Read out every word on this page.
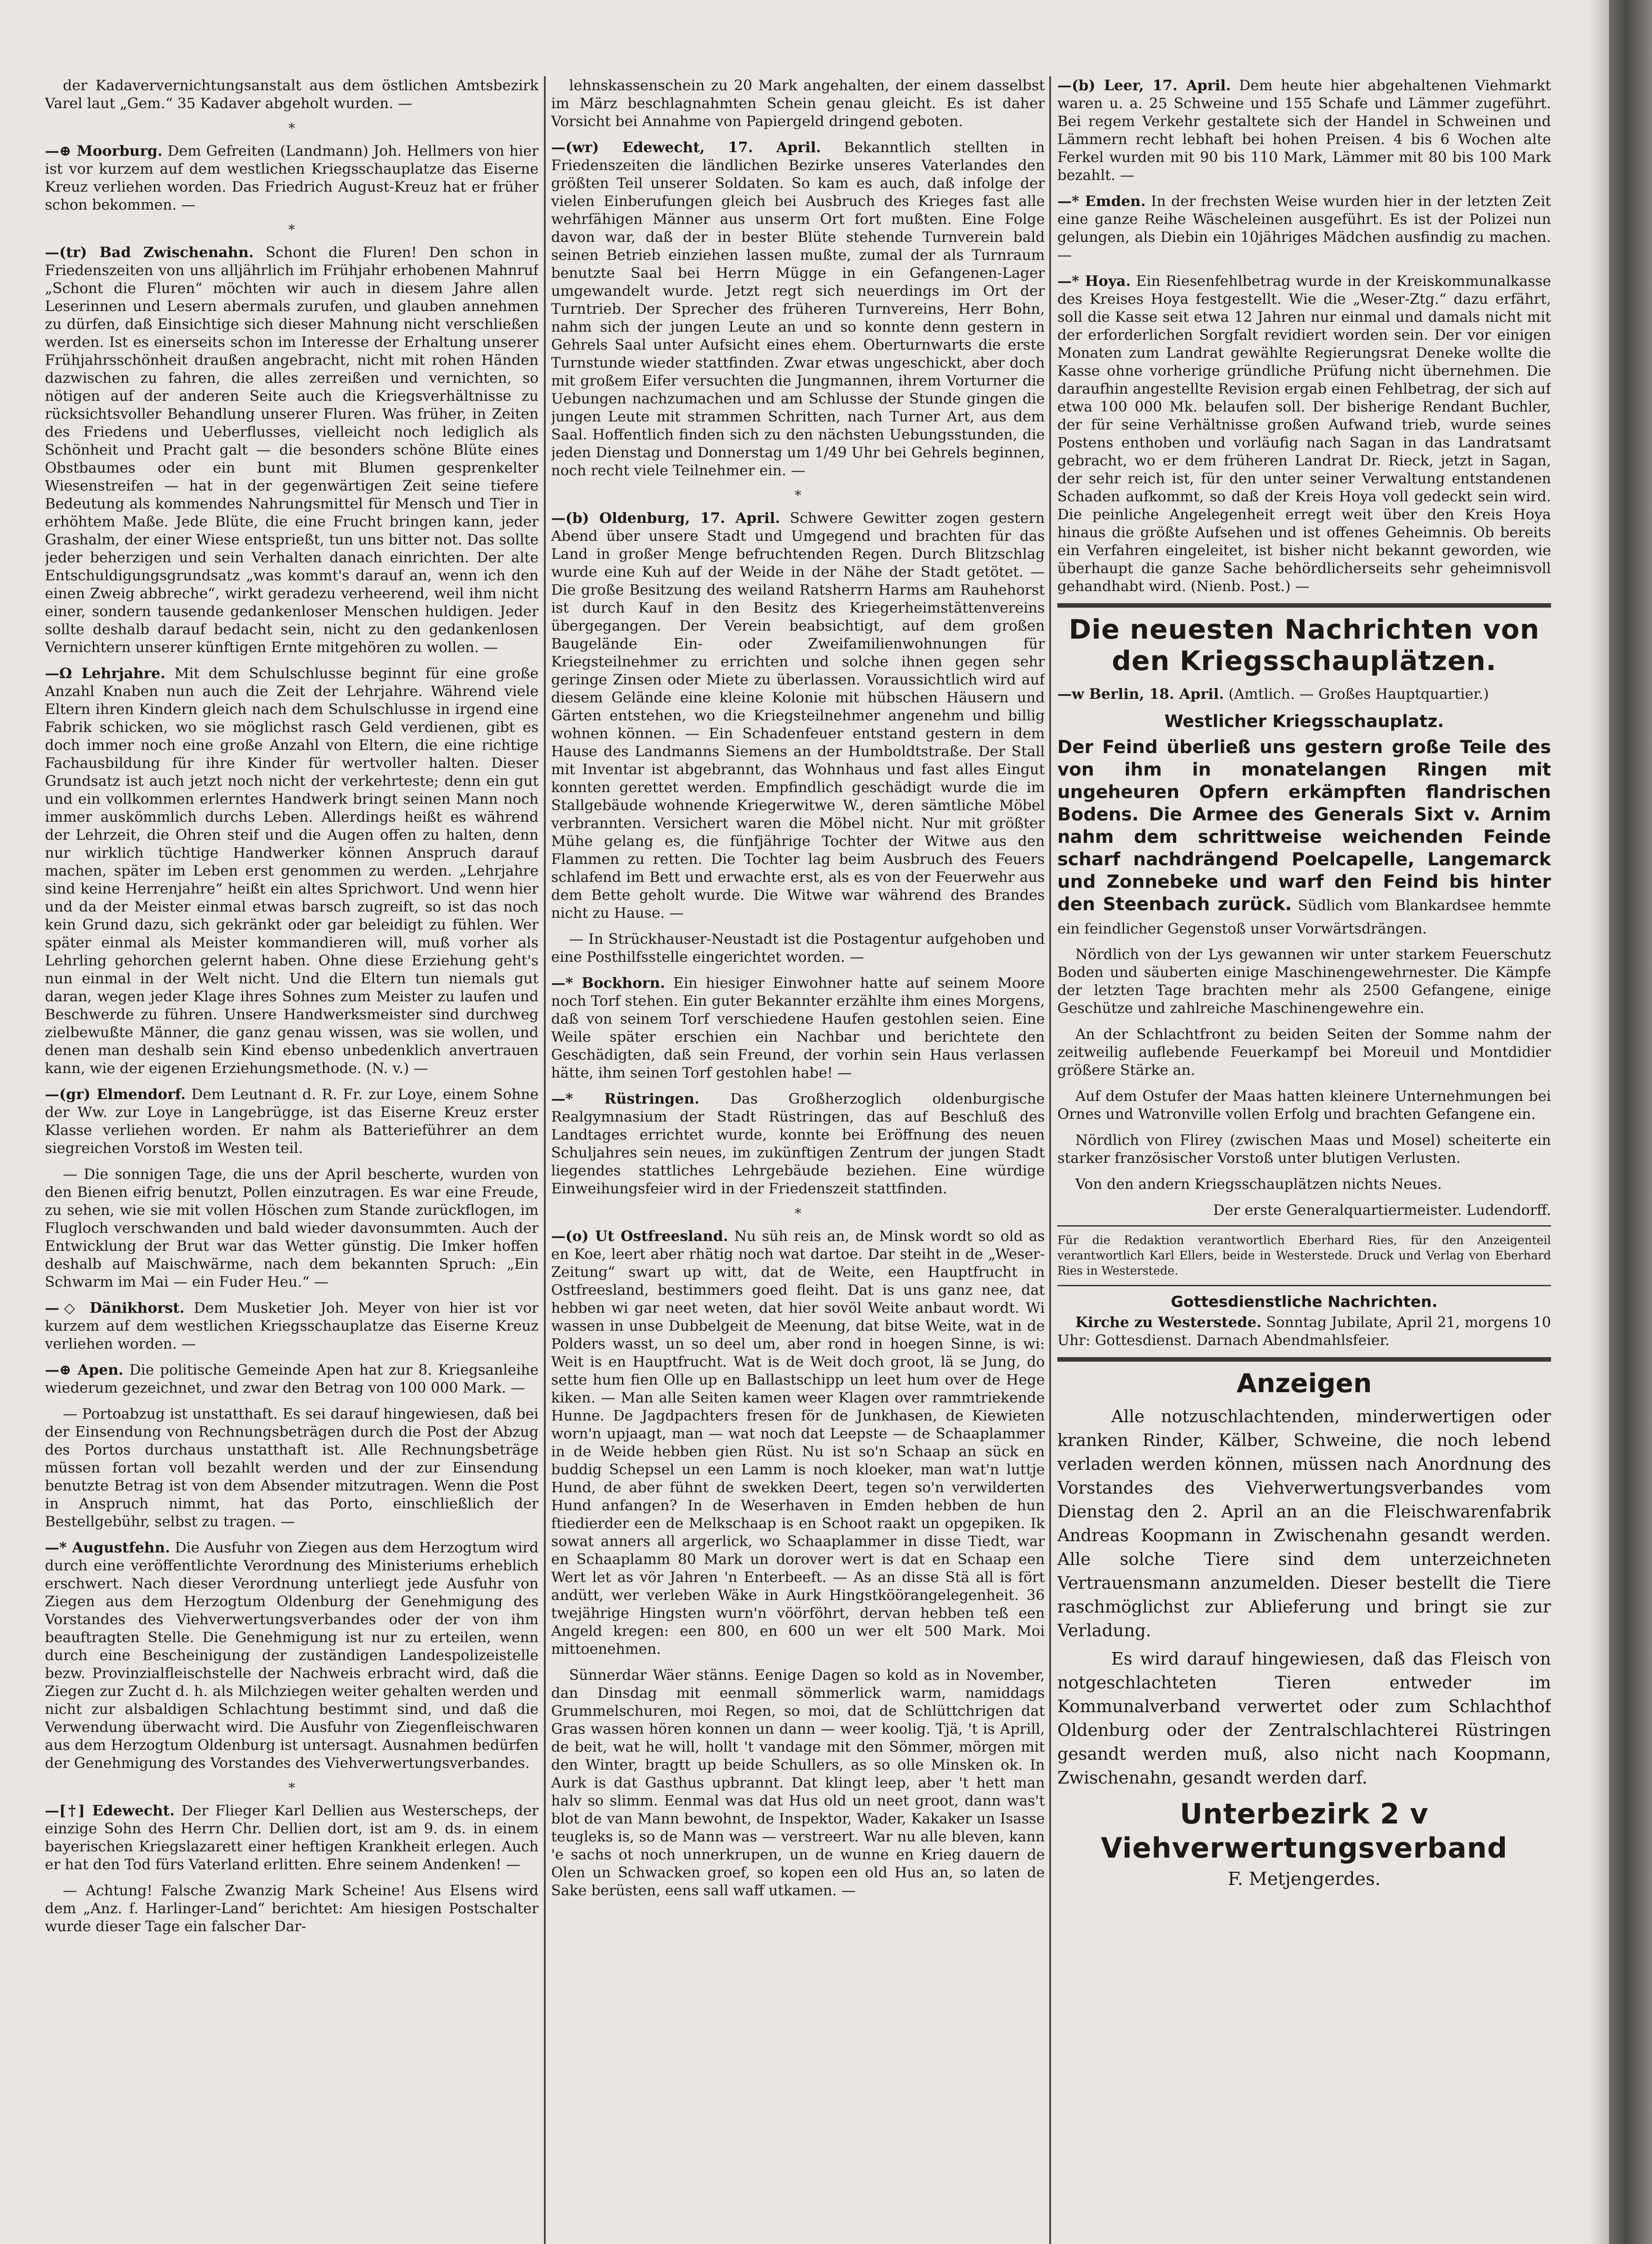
der Kadaververnichtungsanstalt aus dem östlichen Amtsbezirk Varel laut „Gem.“ 35 Kadaver abgeholt wurden. —

*

—⊕ Moorburg. Dem Gefreiten (Landmann) Joh. Hellmers von hier ist vor kurzem auf dem westlichen Kriegsschauplatze das Eiserne Kreuz verliehen worden. Das Friedrich August-Kreuz hat er früher schon bekommen. —

*

—(tr) Bad Zwischenahn. Schont die Fluren! Den schon in Friedenszeiten von uns alljährlich im Frühjahr erhobenen Mahnruf „Schont die Fluren“ möchten wir auch in diesem Jahre allen Leserinnen und Lesern abermals zurufen, und glauben annehmen zu dürfen, daß Einsichtige sich dieser Mahnung nicht verschließen werden. Ist es einerseits schon im Interesse der Erhaltung unserer Frühjahrsschönheit draußen angebracht, nicht mit rohen Händen dazwischen zu fahren, die alles zerreißen und vernichten, so nötigen auf der anderen Seite auch die Kriegsverhältnisse zu rücksichtsvoller Behandlung unserer Fluren. Was früher, in Zeiten des Friedens und Ueberflusses, vielleicht noch lediglich als Schönheit und Pracht galt — die besonders schöne Blüte eines Obstbaumes oder ein bunt mit Blumen gesprenkelter Wiesenstreifen — hat in der gegenwärtigen Zeit seine tiefere Bedeutung als kommendes Nahrungsmittel für Mensch und Tier in erhöhtem Maße. Jede Blüte, die eine Frucht bringen kann, jeder Grashalm, der einer Wiese entsprießt, tun uns bitter not. Das sollte jeder beherzigen und sein Verhalten danach einrichten. Der alte Entschuldigungsgrundsatz „was kommt's darauf an, wenn ich den einen Zweig abbreche“, wirkt geradezu verheerend, weil ihm nicht einer, sondern tausende gedankenloser Menschen huldigen. Jeder sollte deshalb darauf bedacht sein, nicht zu den gedankenlosen Vernichtern unserer künftigen Ernte mitgehören zu wollen. —

—Ω Lehrjahre. Mit dem Schulschlusse beginnt für eine große Anzahl Knaben nun auch die Zeit der Lehrjahre. Während viele Eltern ihren Kindern gleich nach dem Schulschlusse in irgend eine Fabrik schicken, wo sie möglichst rasch Geld verdienen, gibt es doch immer noch eine große Anzahl von Eltern, die eine richtige Fachausbildung für ihre Kinder für wertvoller halten. Dieser Grundsatz ist auch jetzt noch nicht der verkehrteste; denn ein gut und ein vollkommen erlerntes Handwerk bringt seinen Mann noch immer auskömmlich durchs Leben. Allerdings heißt es während der Lehrzeit, die Ohren steif und die Augen offen zu halten, denn nur wirklich tüchtige Handwerker können Anspruch darauf machen, später im Leben erst genommen zu werden. „Lehrjahre sind keine Herrenjahre“ heißt ein altes Sprichwort. Und wenn hier und da der Meister einmal etwas barsch zugreift, so ist das noch kein Grund dazu, sich gekränkt oder gar beleidigt zu fühlen. Wer später einmal als Meister kommandieren will, muß vorher als Lehrling gehorchen gelernt haben. Ohne diese Erziehung geht's nun einmal in der Welt nicht. Und die Eltern tun niemals gut daran, wegen jeder Klage ihres Sohnes zum Meister zu laufen und Beschwerde zu führen. Unsere Handwerksmeister sind durchweg zielbewußte Männer, die ganz genau wissen, was sie wollen, und denen man deshalb sein Kind ebenso unbedenklich anvertrauen kann, wie der eigenen Erziehungsmethode. (N. v.) —

—(gr) Elmendorf. Dem Leutnant d. R. Fr. zur Loye, einem Sohne der Ww. zur Loye in Langebrügge, ist das Eiserne Kreuz erster Klasse verliehen worden. Er nahm als Batterieführer an dem siegreichen Vorstoß im Westen teil.

— Die sonnigen Tage, die uns der April bescherte, wurden von den Bienen eifrig benutzt, Pollen einzutragen. Es war eine Freude, zu sehen, wie sie mit vollen Höschen zum Stande zurückflogen, im Flugloch verschwanden und bald wieder davonsummten. Auch der Entwicklung der Brut war das Wetter günstig. Die Imker hoffen deshalb auf Maischwärme, nach dem bekannten Spruch: „Ein Schwarm im Mai — ein Fuder Heu.“ —

—◇ Dänikhorst. Dem Musketier Joh. Meyer von hier ist vor kurzem auf dem westlichen Kriegsschauplatze das Eiserne Kreuz verliehen worden. —

—⊕ Apen. Die politische Gemeinde Apen hat zur 8. Kriegsanleihe wiederum gezeichnet, und zwar den Betrag von 100 000 Mark. —

— Portoabzug ist unstatthaft. Es sei darauf hingewiesen, daß bei der Einsendung von Rechnungsbeträgen durch die Post der Abzug des Portos durchaus unstatthaft ist. Alle Rechnungsbeträge müssen fortan voll bezahlt werden und der zur Einsendung benutzte Betrag ist von dem Absender mitzutragen. Wenn die Post in Anspruch nimmt, hat das Porto, einschließlich der Bestellgebühr, selbst zu tragen. —

—* Augustfehn. Die Ausfuhr von Ziegen aus dem Herzogtum wird durch eine veröffentlichte Verordnung des Ministeriums erheblich erschwert. Nach dieser Verordnung unterliegt jede Ausfuhr von Ziegen aus dem Herzogtum Oldenburg der Genehmigung des Vorstandes des Viehverwertungsverbandes oder der von ihm beauftragten Stelle. Die Genehmigung ist nur zu erteilen, wenn durch eine Bescheinigung der zuständigen Landespolizeistelle bezw. Provinzialfleischstelle der Nachweis erbracht wird, daß die Ziegen zur Zucht d. h. als Milchziegen weiter gehalten werden und nicht zur alsbaldigen Schlachtung bestimmt sind, und daß die Verwendung überwacht wird. Die Ausfuhr von Ziegenfleischwaren aus dem Herzogtum Oldenburg ist untersagt. Ausnahmen bedürfen der Genehmigung des Vorstandes des Viehverwertungsverbandes.

*

—[†] Edewecht. Der Flieger Karl Dellien aus Westerscheps, der einzige Sohn des Herrn Chr. Dellien dort, ist am 9. ds. in einem bayerischen Kriegslazarett einer heftigen Krankheit erlegen. Auch er hat den Tod fürs Vaterland erlitten. Ehre seinem Andenken! —

— Achtung! Falsche Zwanzig Mark Scheine! Aus Elsens wird dem „Anz. f. Harlinger-Land“ berichtet: Am hiesigen Postschalter wurde dieser Tage ein falscher Dar-

lehnskassenschein zu 20 Mark angehalten, der einem dasselbst im März beschlagnahmten Schein genau gleicht. Es ist daher Vorsicht bei Annahme von Papiergeld dringend geboten.

—(wr) Edewecht, 17. April. Bekanntlich stellten in Friedenszeiten die ländlichen Bezirke unseres Vaterlandes den größten Teil unserer Soldaten. So kam es auch, daß infolge der vielen Einberufungen gleich bei Ausbruch des Krieges fast alle wehrfähigen Männer aus unserm Ort fort mußten. Eine Folge davon war, daß der in bester Blüte stehende Turnverein bald seinen Betrieb einziehen lassen mußte, zumal der als Turnraum benutzte Saal bei Herrn Mügge in ein Gefangenen-Lager umgewandelt wurde. Jetzt regt sich neuerdings im Ort der Turntrieb. Der Sprecher des früheren Turnvereins, Herr Bohn, nahm sich der jungen Leute an und so konnte denn gestern in Gehrels Saal unter Aufsicht eines ehem. Oberturnwarts die erste Turnstunde wieder stattfinden. Zwar etwas ungeschickt, aber doch mit großem Eifer versuchten die Jungmannen, ihrem Vorturner die Uebungen nachzumachen und am Schlusse der Stunde gingen die jungen Leute mit strammen Schritten, nach Turner Art, aus dem Saal. Hoffentlich finden sich zu den nächsten Uebungsstunden, die jeden Dienstag und Donnerstag um 1/49 Uhr bei Gehrels beginnen, noch recht viele Teilnehmer ein. —

*

—(b) Oldenburg, 17. April. Schwere Gewitter zogen gestern Abend über unsere Stadt und Umgegend und brachten für das Land in großer Menge befruchtenden Regen. Durch Blitzschlag wurde eine Kuh auf der Weide in der Nähe der Stadt getötet. — Die große Besitzung des weiland Ratsherrn Harms am Rauhehorst ist durch Kauf in den Besitz des Kriegerheimstättenvereins übergegangen. Der Verein beabsichtigt, auf dem großen Baugelände Ein- oder Zweifamilienwohnungen für Kriegsteilnehmer zu errichten und solche ihnen gegen sehr geringe Zinsen oder Miete zu überlassen. Voraussichtlich wird auf diesem Gelände eine kleine Kolonie mit hübschen Häusern und Gärten entstehen, wo die Kriegsteilnehmer angenehm und billig wohnen können. — Ein Schadenfeuer entstand gestern in dem Hause des Landmanns Siemens an der Humboldtstraße. Der Stall mit Inventar ist abgebrannt, das Wohnhaus und fast alles Eingut konnten gerettet werden. Empfindlich geschädigt wurde die im Stallgebäude wohnende Kriegerwitwe W., deren sämtliche Möbel verbrannten. Versichert waren die Möbel nicht. Nur mit größter Mühe gelang es, die fünfjährige Tochter der Witwe aus den Flammen zu retten. Die Tochter lag beim Ausbruch des Feuers schlafend im Bett und erwachte erst, als es von der Feuerwehr aus dem Bette geholt wurde. Die Witwe war während des Brandes nicht zu Hause. —

— In Strückhauser-Neustadt ist die Postagentur aufgehoben und eine Posthilfsstelle eingerichtet worden. —

—* Bockhorn. Ein hiesiger Einwohner hatte auf seinem Moore noch Torf stehen. Ein guter Bekannter erzählte ihm eines Morgens, daß von seinem Torf verschiedene Haufen gestohlen seien. Eine Weile später erschien ein Nachbar und berichtete den Geschädigten, daß sein Freund, der vorhin sein Haus verlassen hätte, ihm seinen Torf gestohlen habe! —

—* Rüstringen. Das Großherzoglich oldenburgische Realgymnasium der Stadt Rüstringen, das auf Beschluß des Landtages errichtet wurde, konnte bei Eröffnung des neuen Schuljahres sein neues, im zukünftigen Zentrum der jungen Stadt liegendes stattliches Lehrgebäude beziehen. Eine würdige Einweihungsfeier wird in der Friedenszeit stattfinden.

*

—(o) Ut Ostfreesland. Nu süh reis an, de Minsk wordt so old as en Koe, leert aber rhätig noch wat dartoe. Dar steiht in de „Weser-Zeitung“ swart up witt, dat de Weite, een Hauptfrucht in Ostfreesland, bestimmers goed fleiht. Dat is uns ganz nee, dat hebben wi gar neet weten, dat hier sovöl Weite anbaut wordt. Wi wassen in unse Dubbelgeit de Meenung, dat bitse Weite, wat in de Polders wasst, un so deel um, aber rond in hoegen Sinne, is wi: Weit is en Hauptfrucht. Wat is de Weit doch groot, lä se Jung, do sette hum fien Olle up en Ballastschipp un leet hum over de Hege kiken. — Man alle Seiten kamen weer Klagen over rammtriekende Hunne. De Jagdpachters fresen för de Junkhasen, de Kiewieten worn'n upjaagt, man — wat noch dat Leepste — de Schaaplammer in de Weide hebben gien Rüst. Nu ist so'n Schaap an sück en buddig Schepsel un een Lamm is noch kloeker, man wat'n luttje Hund, de aber fühnt de swekken Deert, tegen so'n verwilderten Hund anfangen? In de Weserhaven in Emden hebben de hun ftiedierder een de Melkschaap is en Schoot raakt un opgepiken. Ik sowat anners all argerlick, wo Schaaplammer in disse Tiedt, war en Schaaplamm 80 Mark un dorover wert is dat en Schaap een Wert let as vör Jahren 'n Enterbeeft. — As an disse Stä all is fört andütt, wer verleben Wäke in Aurk Hingstköörangelegenheit. 36 twejährige Hingsten wurn'n vöörföhrt, dervan hebben teß een Angeld kregen: een 800, en 600 un wer elt 500 Mark. Moi mittoenehmen.

Sünnerdar Wäer stänns. Eenige Dagen so kold as in November, dan Dinsdag mit eenmall sömmerlick warm, namiddags Grummelschuren, moi Regen, so moi, dat de Schlüttchrigen dat Gras wassen hören konnen un dann — weer koolig. Tjä, 't is Aprill, de beit, wat he will, hollt 't vandage mit den Sömmer, mörgen mit den Winter, bragtt up beide Schullers, as so olle Minsken ok. In Aurk is dat Gasthus upbrannt. Dat klingt leep, aber 't hett man halv so slimm. Eenmal was dat Hus old un neet groot, dann was't blot de van Mann bewohnt, de Inspektor, Wader, Kakaker un Isasse teugleks is, so de Mann was — verstreert. War nu alle bleven, kann 'e sachs ot noch unnerkrupen, un de wunne en Krieg dauern de Olen un Schwacken groef, so kopen een old Hus an, so laten de Sake berüsten, eens sall waff utkamen. —

—(b) Leer, 17. April. Dem heute hier abgehaltenen Viehmarkt waren u. a. 25 Schweine und 155 Schafe und Lämmer zugeführt. Bei regem Verkehr gestaltete sich der Handel in Schweinen und Lämmern recht lebhaft bei hohen Preisen. 4 bis 6 Wochen alte Ferkel wurden mit 90 bis 110 Mark, Lämmer mit 80 bis 100 Mark bezahlt. —

—* Emden. In der frechsten Weise wurden hier in der letzten Zeit eine ganze Reihe Wäscheleinen ausgeführt. Es ist der Polizei nun gelungen, als Diebin ein 10jähriges Mädchen ausfindig zu machen. —

—* Hoya. Ein Riesenfehlbetrag wurde in der Kreiskommunalkasse des Kreises Hoya festgestellt. Wie die „Weser-Ztg.“ dazu erfährt, soll die Kasse seit etwa 12 Jahren nur einmal und damals nicht mit der erforderlichen Sorgfalt revidiert worden sein. Der vor einigen Monaten zum Landrat gewählte Regierungsrat Deneke wollte die Kasse ohne vorherige gründliche Prüfung nicht übernehmen. Die daraufhin angestellte Revision ergab einen Fehlbetrag, der sich auf etwa 100 000 Mk. belaufen soll. Der bisherige Rendant Buchler, der für seine Verhältnisse großen Aufwand trieb, wurde seines Postens enthoben und vorläufig nach Sagan in das Landratsamt gebracht, wo er dem früheren Landrat Dr. Rieck, jetzt in Sagan, der sehr reich ist, für den unter seiner Verwaltung entstandenen Schaden aufkommt, so daß der Kreis Hoya voll gedeckt sein wird. Die peinliche Angelegenheit erregt weit über den Kreis Hoya hinaus die größte Aufsehen und ist offenes Geheimnis. Ob bereits ein Verfahren eingeleitet, ist bisher nicht bekannt geworden, wie überhaupt die ganze Sache behördlicherseits sehr geheimnisvoll gehandhabt wird. (Nienb. Post.) —

Die neuesten Nachrichten von den Kriegsschauplätzen.

—w Berlin, 18. April. (Amtlich. — Großes Hauptquartier.)

Westlicher Kriegsschauplatz.

Der Feind überließ uns gestern große Teile des von ihm in monatelangen Ringen mit ungeheuren Opfern erkämpften flandrischen Bodens. Die Armee des Generals Sixt v. Arnim nahm dem schrittweise weichenden Feinde scharf nachdrängend Poelcapelle, Langemarck und Zonnebeke und warf den Feind bis hinter den Steenbach zurück. Südlich vom Blankardsee hemmte ein feindlicher Gegenstoß unser Vorwärtsdrängen.

Nördlich von der Lys gewannen wir unter starkem Feuerschutz Boden und säuberten einige Maschinengewehrnester. Die Kämpfe der letzten Tage brachten mehr als 2500 Gefangene, einige Geschütze und zahlreiche Maschinengewehre ein.

An der Schlachtfront zu beiden Seiten der Somme nahm der zeitweilig auflebende Feuerkampf bei Moreuil und Montdidier größere Stärke an.

Auf dem Ostufer der Maas hatten kleinere Unternehmungen bei Ornes und Watronville vollen Erfolg und brachten Gefangene ein.

Nördlich von Flirey (zwischen Maas und Mosel) scheiterte ein starker französischer Vorstoß unter blutigen Verlusten.

Von den andern Kriegsschauplätzen nichts Neues.

Der erste Generalquartiermeister. Ludendorff.

Für die Redaktion verantwortlich Eberhard Ries, für den Anzeigenteil verantwortlich Karl Ellers, beide in Westerstede. Druck und Verlag von Eberhard Ries in Westerstede.

Gottesdienstliche Nachrichten.

Kirche zu Westerstede. Sonntag Jubilate, April 21, morgens 10 Uhr: Gottesdienst. Darnach Abendmahlsfeier.

Anzeigen

Alle notzuschlachtenden, minderwertigen oder kranken Rinder, Kälber, Schweine, die noch lebend verladen werden können, müssen nach Anordnung des Vorstandes des Viehverwertungsverbandes vom Dienstag den 2. April an an die Fleischwarenfabrik Andreas Koopmann in Zwischenahn gesandt werden. Alle solche Tiere sind dem unterzeichneten Vertrauensmann anzumelden. Dieser bestellt die Tiere raschmöglichst zur Ablieferung und bringt sie zur Verladung.

Es wird darauf hingewiesen, daß das Fleisch von notgeschlachteten Tieren entweder im Kommunalverband verwertet oder zum Schlachthof Oldenburg oder der Zentralschlachterei Rüstringen gesandt werden muß, also nicht nach Koopmann, Zwischenahn, gesandt werden darf.

Unterbezirk 2 v Viehverwertungsverband
F. Metjengerdes.
